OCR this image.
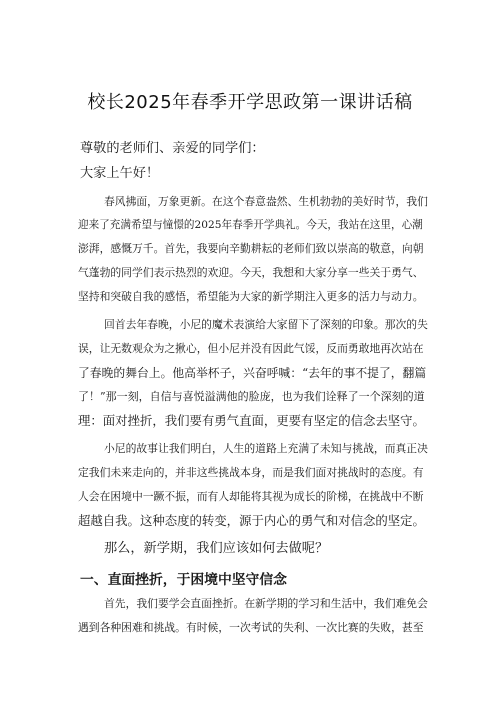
校长2025年春季开学思政第一课讲话稿
尊敬的老师们、亲爱的同学们：
大家上午好！
春风拂面，万象更新。在这个春意盎然、生机勃勃的美好时节，我们
迎来了充满希望与憧憬的2025年春季开学典礼。今天，我站在这里，心潮
澎湃，感慨万千。首先，我要向辛勤耕耘的老师们致以崇高的敬意，向朝
气蓬勃的同学们表示热烈的欢迎。今天，我想和大家分享一些关于勇气、
坚持和突破自我的感悟，希望能为大家的新学期注入更多的活力与动力。
回首去年春晚，小尼的魔术表演给大家留下了深刻的印象。那次的失
误，让无数观众为之揪心，但小尼并没有因此气馁，反而勇敢地再次站在
了春晚的舞台上。他高举杯子，兴奋呼喊：“去年的事不提了，翻篇
了！”那一刻，自信与喜悦溢满他的脸庞，也为我们诠释了一个深刻的道
理：面对挫折，我们要有勇气直面，更要有坚定的信念去坚守。
小尼的故事让我们明白，人生的道路上充满了未知与挑战，而真正决
定我们未来走向的，并非这些挑战本身，而是我们面对挑战时的态度。有
人会在困境中一蹶不振，而有人却能将其视为成长的阶梯，在挑战中不断
超越自我。这种态度的转变，源于内心的勇气和对信念的坚定。
那么，新学期，我们应该如何去做呢？
一、直面挫折，于困境中坚守信念
首先，我们要学会直面挫折。在新学期的学习和生活中，我们难免会
遇到各种困难和挑战。有时候，一次考试的失利、一次比赛的失败，甚至
